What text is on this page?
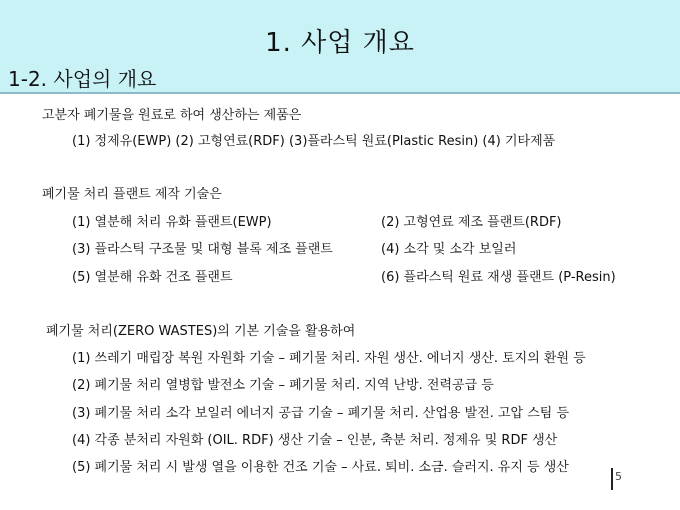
1. 사업 개요
1-2. 사업의 개요
고분자 폐기물을 원료로 하여 생산하는 제품은
(1) 정제유(EWP) (2) 고형연료(RDF) (3)플라스틱 원료(Plastic Resin) (4) 기타제품
폐기물 처리 플랜트 제작 기술은
(1) 열분해 처리 유화 플랜트(EWP)	(2) 고형연료 제조 플랜트(RDF)
(3) 플라스틱 구조물 및 대형 블록 제조 플랜트	(4) 소각 및 소각 보일러
(5) 열분해 유화 건조 플랜트	(6) 플라스틱 원료 재생 플랜트 (P-Resin)
폐기물 처리(ZERO WASTES)의 기본 기술을 활용하여
(1) 쓰레기 매립장 복원 자원화 기술 – 폐기물 처리. 자원 생산. 에너지 생산. 토지의 환원 등
(2) 폐기물 처리 열병합 발전소 기술 – 폐기물 처리. 지역 난방. 전력공급 등
(3) 폐기물 처리 소각 보일러 에너지 공급 기술 – 폐기물 처리. 산업용 발전. 고압 스팀 등
(4) 각종 분처리 자원화 (OIL. RDF) 생산 기술 – 인분, 축분 처리. 정제유 및 RDF 생산
(5) 폐기물 처리 시 발생 열을 이용한 건조 기술 – 사료. 퇴비. 소금. 슬러지. 유지 등 생산
5
